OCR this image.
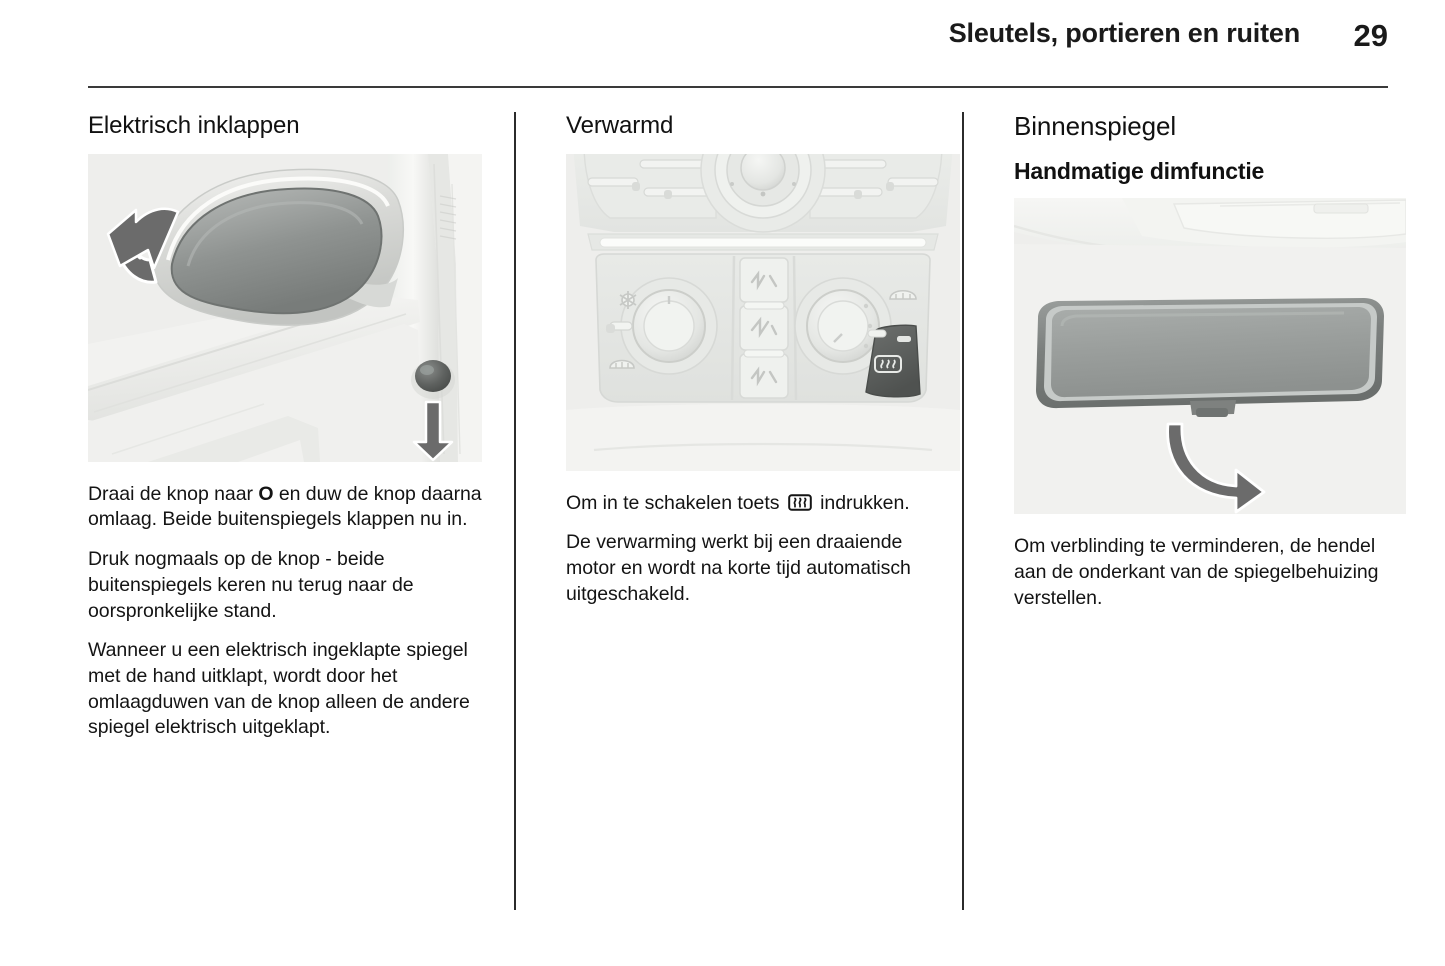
Sleutels, portieren en ruiten	29
Elektrisch inklappen

Draai de knop naar O en duw de knop daarna omlaag. Beide buitenspiegels klappen nu in.

Druk nogmaals op de knop - beide buitenspiegels keren nu terug naar de oorspronkelijke stand.

Wanneer u een elektrisch ingeklapte spiegel met de hand uitklapt, wordt door het omlaagduwen van de knop alleen de andere spiegel elektrisch uitgeklapt.

Verwarmd

Om in te schakelen toets
indrukken.

De verwarming werkt bij een draaiende motor en wordt na korte tijd automatisch uitgeschakeld.

Binnenspiegel
Handmatige dimfunctie

Om verblinding te verminderen, de hendel aan de onderkant van de spiegelbehuizing verstellen.
